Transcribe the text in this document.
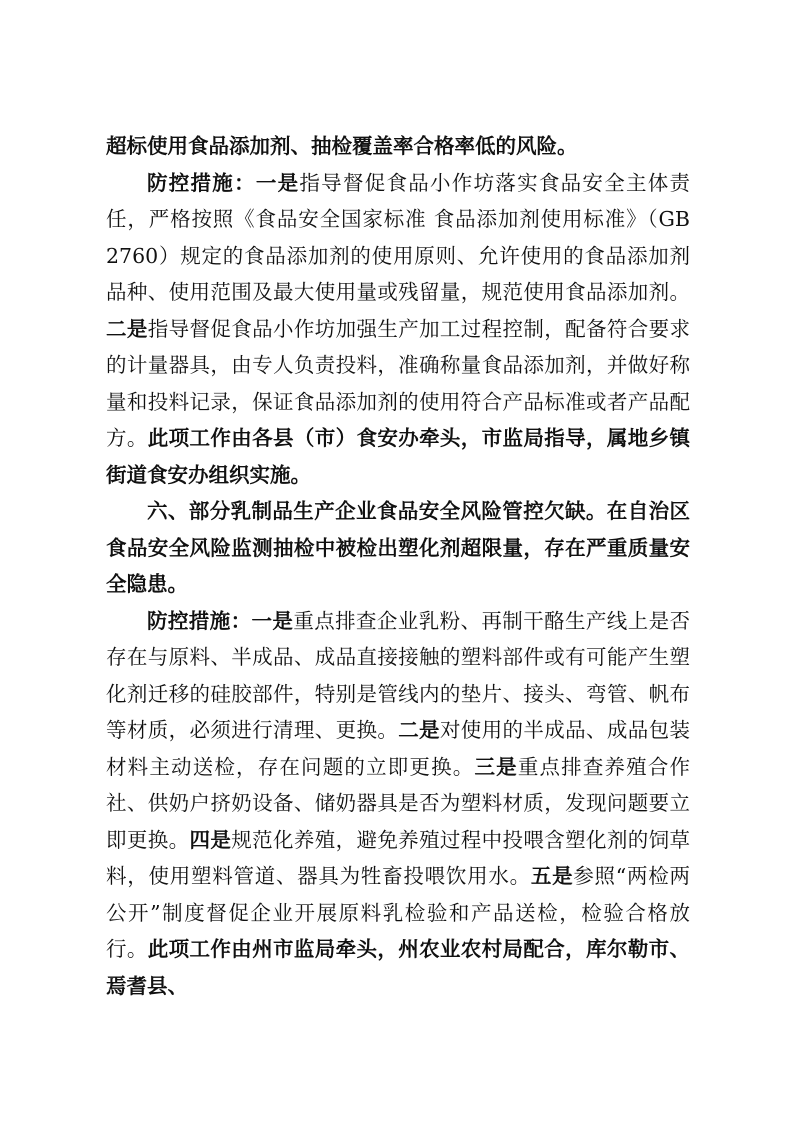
超标使用食品添加剂、抽检覆盖率合格率低的风险。

防控措施：一是指导督促食品小作坊落实食品安全主体责任，严格按照《食品安全国家标准 食品添加剂使用标准》（GB 2760）规定的食品添加剂的使用原则、允许使用的食品添加剂品种、使用范围及最大使用量或残留量，规范使用食品添加剂。二是指导督促食品小作坊加强生产加工过程控制，配备符合要求的计量器具，由专人负责投料，准确称量食品添加剂，并做好称量和投料记录，保证食品添加剂的使用符合产品标准或者产品配方。此项工作由各县（市）食安办牵头，市监局指导，属地乡镇街道食安办组织实施。

六、部分乳制品生产企业食品安全风险管控欠缺。在自治区食品安全风险监测抽检中被检出塑化剂超限量，存在严重质量安全隐患。

防控措施：一是重点排查企业乳粉、再制干酪生产线上是否存在与原料、半成品、成品直接接触的塑料部件或有可能产生塑化剂迁移的硅胶部件，特别是管线内的垫片、接头、弯管、帆布等材质，必须进行清理、更换。二是对使用的半成品、成品包装材料主动送检，存在问题的立即更换。三是重点排查养殖合作社、供奶户挤奶设备、储奶器具是否为塑料材质，发现问题要立即更换。四是规范化养殖，避免养殖过程中投喂含塑化剂的饲草料，使用塑料管道、器具为牲畜投喂饮用水。五是参照“两检两公开”制度督促企业开展原料乳检验和产品送检，检验合格放行。此项工作由州市监局牵头，州农业农村局配合，库尔勒市、焉耆县、
